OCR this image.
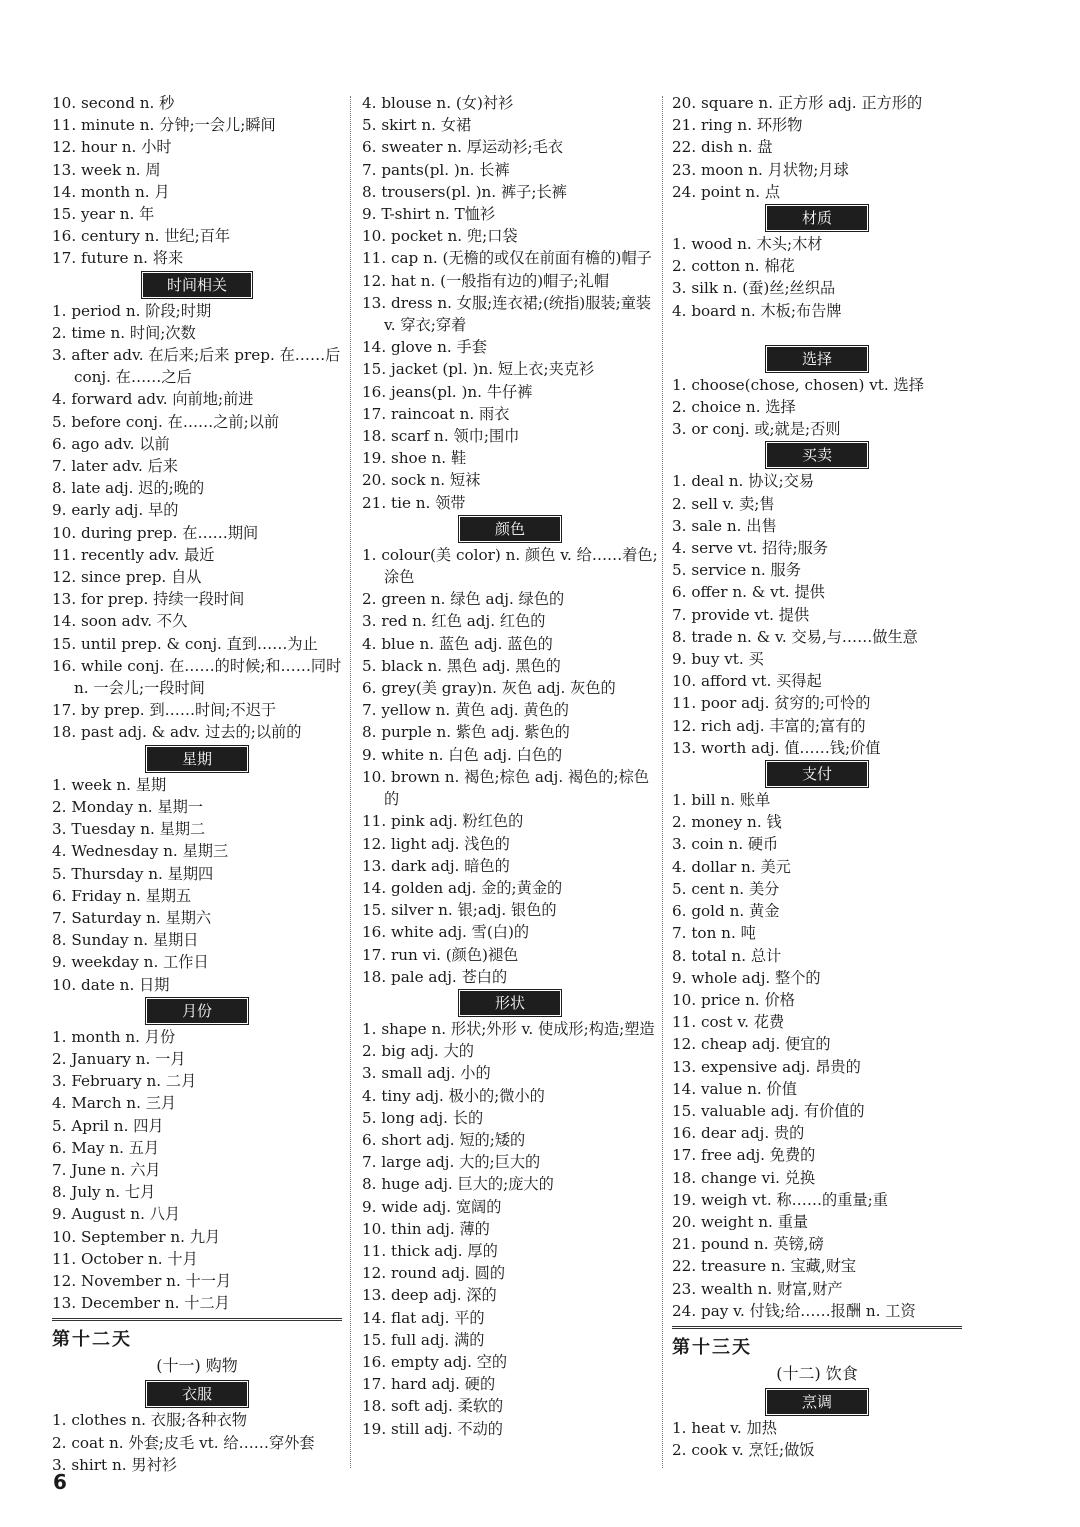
10. second n. 秒
11. minute n. 分钟;一会儿;瞬间
12. hour n. 小时
13. week n. 周
14. month n. 月
15. year n. 年
16. century n. 世纪;百年
17. future n. 将来
时间相关
1. period n. 阶段;时期
2. time n. 时间;次数
3. after adv. 在后来;后来 prep. 在……后 conj. 在……之后
4. forward adv. 向前地;前进
5. before conj. 在……之前;以前
6. ago adv. 以前
7. later adv. 后来
8. late adj. 迟的;晚的
9. early adj. 早的
10. during prep. 在……期间
11. recently adv. 最近
12. since prep. 自从
13. for prep. 持续一段时间
14. soon adv. 不久
15. until prep. & conj. 直到……为止
16. while conj. 在……的时候;和……同时 n. 一会儿;一段时间
17. by prep. 到……时间;不迟于
18. past adj. & adv. 过去的;以前的
星期
1. week n. 星期
2. Monday n. 星期一
3. Tuesday n. 星期二
4. Wednesday n. 星期三
5. Thursday n. 星期四
6. Friday n. 星期五
7. Saturday n. 星期六
8. Sunday n. 星期日
9. weekday n. 工作日
10. date n. 日期
月份
1. month n. 月份
2. January n. 一月
3. February n. 二月
4. March n. 三月
5. April n. 四月
6. May n. 五月
7. June n. 六月
8. July n. 七月
9. August n. 八月
10. September n. 九月
11. October n. 十月
12. November n. 十一月
13. December n. 十二月
第十二天
(十一) 购物
衣服
1. clothes n. 衣服;各种衣物
2. coat n. 外套;皮毛 vt. 给……穿外套
3. shirt n. 男衬衫
4. blouse n. (女)衬衫
5. skirt n. 女裙
6. sweater n. 厚运动衫;毛衣
7. pants(pl. )n. 长裤
8. trousers(pl. )n. 裤子;长裤
9. T-shirt n. T恤衫
10. pocket n. 兜;口袋
11. cap n. (无檐的或仅在前面有檐的)帽子
12. hat n. (一般指有边的)帽子;礼帽
13. dress n. 女服;连衣裙;(统指)服装;童装 v. 穿衣;穿着
14. glove n. 手套
15. jacket (pl. )n. 短上衣;夹克衫
16. jeans(pl. )n. 牛仔裤
17. raincoat n. 雨衣
18. scarf n. 领巾;围巾
19. shoe n. 鞋
20. sock n. 短袜
21. tie n. 领带
颜色
1. colour(美 color) n. 颜色 v. 给……着色;涂色
2. green n. 绿色 adj. 绿色的
3. red n. 红色 adj. 红色的
4. blue n. 蓝色 adj. 蓝色的
5. black n. 黑色 adj. 黑色的
6. grey(美 gray)n. 灰色 adj. 灰色的
7. yellow n. 黄色 adj. 黄色的
8. purple n. 紫色 adj. 紫色的
9. white n. 白色 adj. 白色的
10. brown n. 褐色;棕色 adj. 褐色的;棕色的
11. pink adj. 粉红色的
12. light adj. 浅色的
13. dark adj. 暗色的
14. golden adj. 金的;黄金的
15. silver n. 银;adj. 银色的
16. white adj. 雪(白)的
17. run vi. (颜色)褪色
18. pale adj. 苍白的
形状
1. shape n. 形状;外形 v. 使成形;构造;塑造
2. big adj. 大的
3. small adj. 小的
4. tiny adj. 极小的;微小的
5. long adj. 长的
6. short adj. 短的;矮的
7. large adj. 大的;巨大的
8. huge adj. 巨大的;庞大的
9. wide adj. 宽阔的
10. thin adj. 薄的
11. thick adj. 厚的
12. round adj. 圆的
13. deep adj. 深的
14. flat adj. 平的
15. full adj. 满的
16. empty adj. 空的
17. hard adj. 硬的
18. soft adj. 柔软的
19. still adj. 不动的
20. square n. 正方形 adj. 正方形的
21. ring n. 环形物
22. dish n. 盘
23. moon n. 月状物;月球
24. point n. 点
材质
1. wood n. 木头;木材
2. cotton n. 棉花
3. silk n. (蚕)丝;丝织品
4. board n. 木板;布告牌
选择
1. choose(chose, chosen) vt. 选择
2. choice n. 选择
3. or conj. 或;就是;否则
买卖
1. deal n. 协议;交易
2. sell v. 卖;售
3. sale n. 出售
4. serve vt. 招待;服务
5. service n. 服务
6. offer n. & vt. 提供
7. provide vt. 提供
8. trade n. & v. 交易,与……做生意
9. buy vt. 买
10. afford vt. 买得起
11. poor adj. 贫穷的;可怜的
12. rich adj. 丰富的;富有的
13. worth adj. 值……钱;价值
支付
1. bill n. 账单
2. money n. 钱
3. coin n. 硬币
4. dollar n. 美元
5. cent n. 美分
6. gold n. 黄金
7. ton n. 吨
8. total n. 总计
9. whole adj. 整个的
10. price n. 价格
11. cost v. 花费
12. cheap adj. 便宜的
13. expensive adj. 昂贵的
14. value n. 价值
15. valuable adj. 有价值的
16. dear adj. 贵的
17. free adj. 免费的
18. change vi. 兑换
19. weigh vt. 称……的重量;重
20. weight n. 重量
21. pound n. 英镑,磅
22. treasure n. 宝藏,财宝
23. wealth n. 财富,财产
24. pay v. 付钱;给……报酬 n. 工资
第十三天
(十二) 饮食
烹调
1. heat v. 加热
2. cook v. 烹饪;做饭
6
